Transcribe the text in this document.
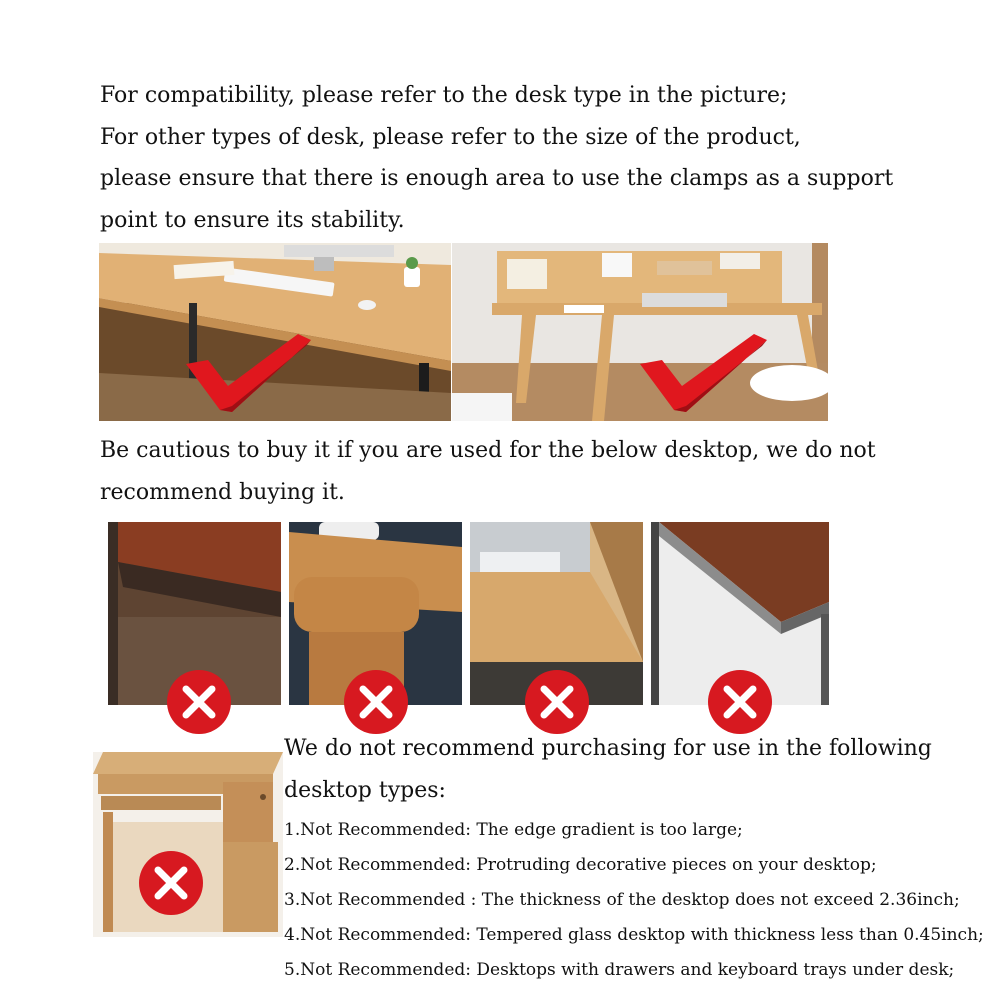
For compatibility, please refer to the desk type in the picture;
For other types of desk, please refer to the size of the product,
please ensure that there is enough area to use the clamps as a support
point to ensure its stability.

Be cautious to buy it if you are used for the below desktop, we do not
recommend buying it.

We do not recommend purchasing for use in the following
desktop types:

1.Not Recommended: The edge gradient is too large;
2.Not Recommended: Protruding decorative pieces on your desktop;
3.Not Recommended : The thickness of the desktop does not exceed 2.36inch;
4.Not Recommended: Tempered glass desktop with thickness less than 0.45inch;
5.Not Recommended: Desktops with drawers and keyboard trays under desk;
